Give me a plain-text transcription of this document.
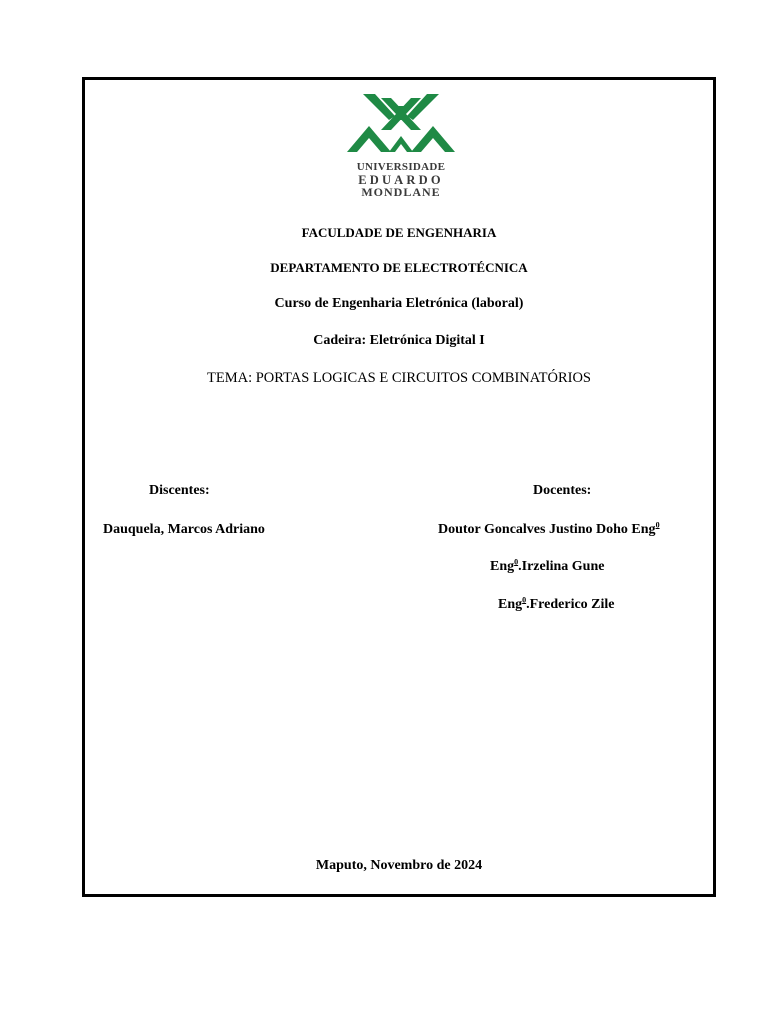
UNIVERSIDADE
EDUARDO
MONDLANE
FACULDADE DE ENGENHARIA
DEPARTAMENTO DE ELECTROTÉCNICA
Curso de Engenharia Eletrónica (laboral)
Cadeira: Eletrónica Digital I
TEMA: PORTAS LOGICAS E CIRCUITOS COMBINATÓRIOS
Discentes:	Docentes:
Dauquela, Marcos Adriano	Doutor Goncalves Justino Doho Eng$^0$
Eng$^0$.Irzelina Gune
Eng$^0$.Frederico Zile
Maputo, Novembro de 2024
